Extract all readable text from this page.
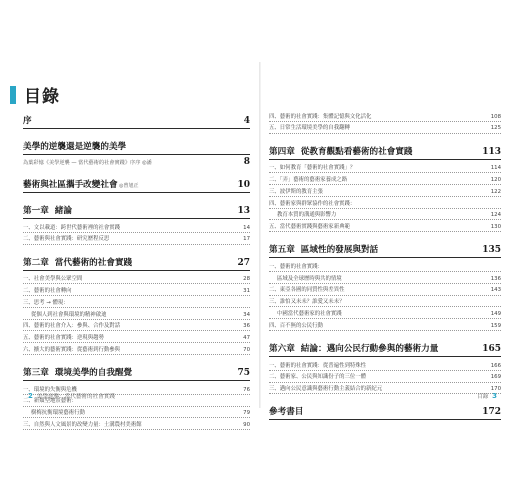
目錄
序	4
美學的逆襲還是逆襲的美學
為葉彩憶《美學逆襲 — 當代藝術的社會實踐》序序 ◎潘	8
藝術與社區攜手改變社會 ◎曾旭正	10
第一章 緒論	13
一、文以載道：跨世代藝術裡的社會實踐	14
二、藝術與社會實踐：研究歷程反思	17
第二章 當代藝術的社會實踐	27
一、社會美學與公眾空間	28
二、藝術的社會轉向	31
三、思考 → 體現：
從個人到社會與環境的精神啟迪	34
四、藝術的社會介入：參與、合作及對話	36
五、藝術的社會實踐：逆現與趨勢	47
六、擴大的藝術實踐：從藝術到行動參與	70
第三章 環境美學的自我醒覺	75
一、環境的失衡與危機	76
二、新類型地景藝術：
樹梅抗衡環境藝術行動	79
三、自然與人文風景的改變力量：土溝農村美術館	90
2 美學逆襲：當代藝術的社會實踐
四、藝術的社會實踐：集體記憶與文化活化	108
五、日常生活環境美學的自我翻轉	125
第四章 從教育觀點看藝術的社會實踐	113
一、如何教育「藝術的社會實踐」？	114
二、「弄」藝術的藝術家養成之路	120
三、波伊斯的教育主張	122
四、藝術家與群眾協作的社會實踐：
教育本質的溝通與影響力	124
五、當代藝術實踐與藝術家新典範	130
第五章 區域性的發展與對話	135
一、藝術的社會實踐：
區域及全球歷時與共的情境	136
二、東亞各國的同質性與差異性	143
三、誰怕又未未？誰愛又未未？
中國當代藝術家的社會實踐	149
四、百不無的公民行動	159
第六章 結論：邁向公民行動參與的藝術力量	165
一、藝術的社會實踐：從普遍性到特殊性	166
二、藝術家、公民與知識份子的三位一體	169
三、邁向公民意識與藝術行動主義結合的新紀元	170
參考書目	172
目錄 3
